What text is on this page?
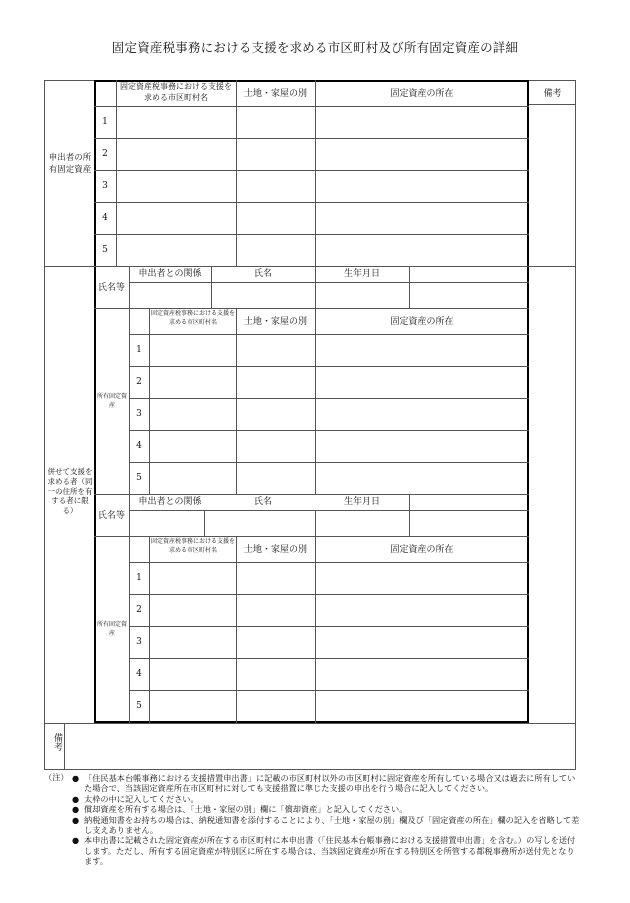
固定資産税事務における支援を求める市区町村及び所有固定資産の詳細
備考
申出者の所有固定資産
固定資産税事務における支援を求める市区町村名	土地・家屋の別	固定資産の所在
1
2
3
4
5
併せて支援を求める者（同一の住所を有する者に限る）
氏名等
申出者との関係	氏名	生年月日
所有固定資産
固定資産税事務における支援を求める市区町村名	土地・家屋の別	固定資産の所在
1
2
3
4
5
氏名等
申出者との関係	氏名	生年月日
所有固定資産
固定資産税事務における支援を求める市区町村名	土地・家屋の別	固定資産の所在
1
2
3
4
5
備考
（注） ● 「住民基本台帳事務における支援措置申出書」に記載の市区町村以外の市区町村に固定資産を所有している場合又は過去に所有していた場合で、当該固定資産所在市区町村に対しても支援措置に準じた支援の申出を行う場合に記入してください。
● 太枠の中に記入してください。
● 償却資産を所有する場合は、「土地・家屋の別」欄に「償却資産」と記入してください。
● 納税通知書をお持ちの場合は、納税通知書を添付することにより、「土地・家屋の別」欄及び「固定資産の所在」欄の記入を省略して差し支えありません。
● 本申出書に記載された固定資産が所在する市区町村に本申出書（「住民基本台帳事務における支援措置申出書」を含む。）の写しを送付します。ただし、所有する固定資産が特別区に所在する場合は、当該固定資産が所在する特別区を所管する都税事務所が送付先となります。
